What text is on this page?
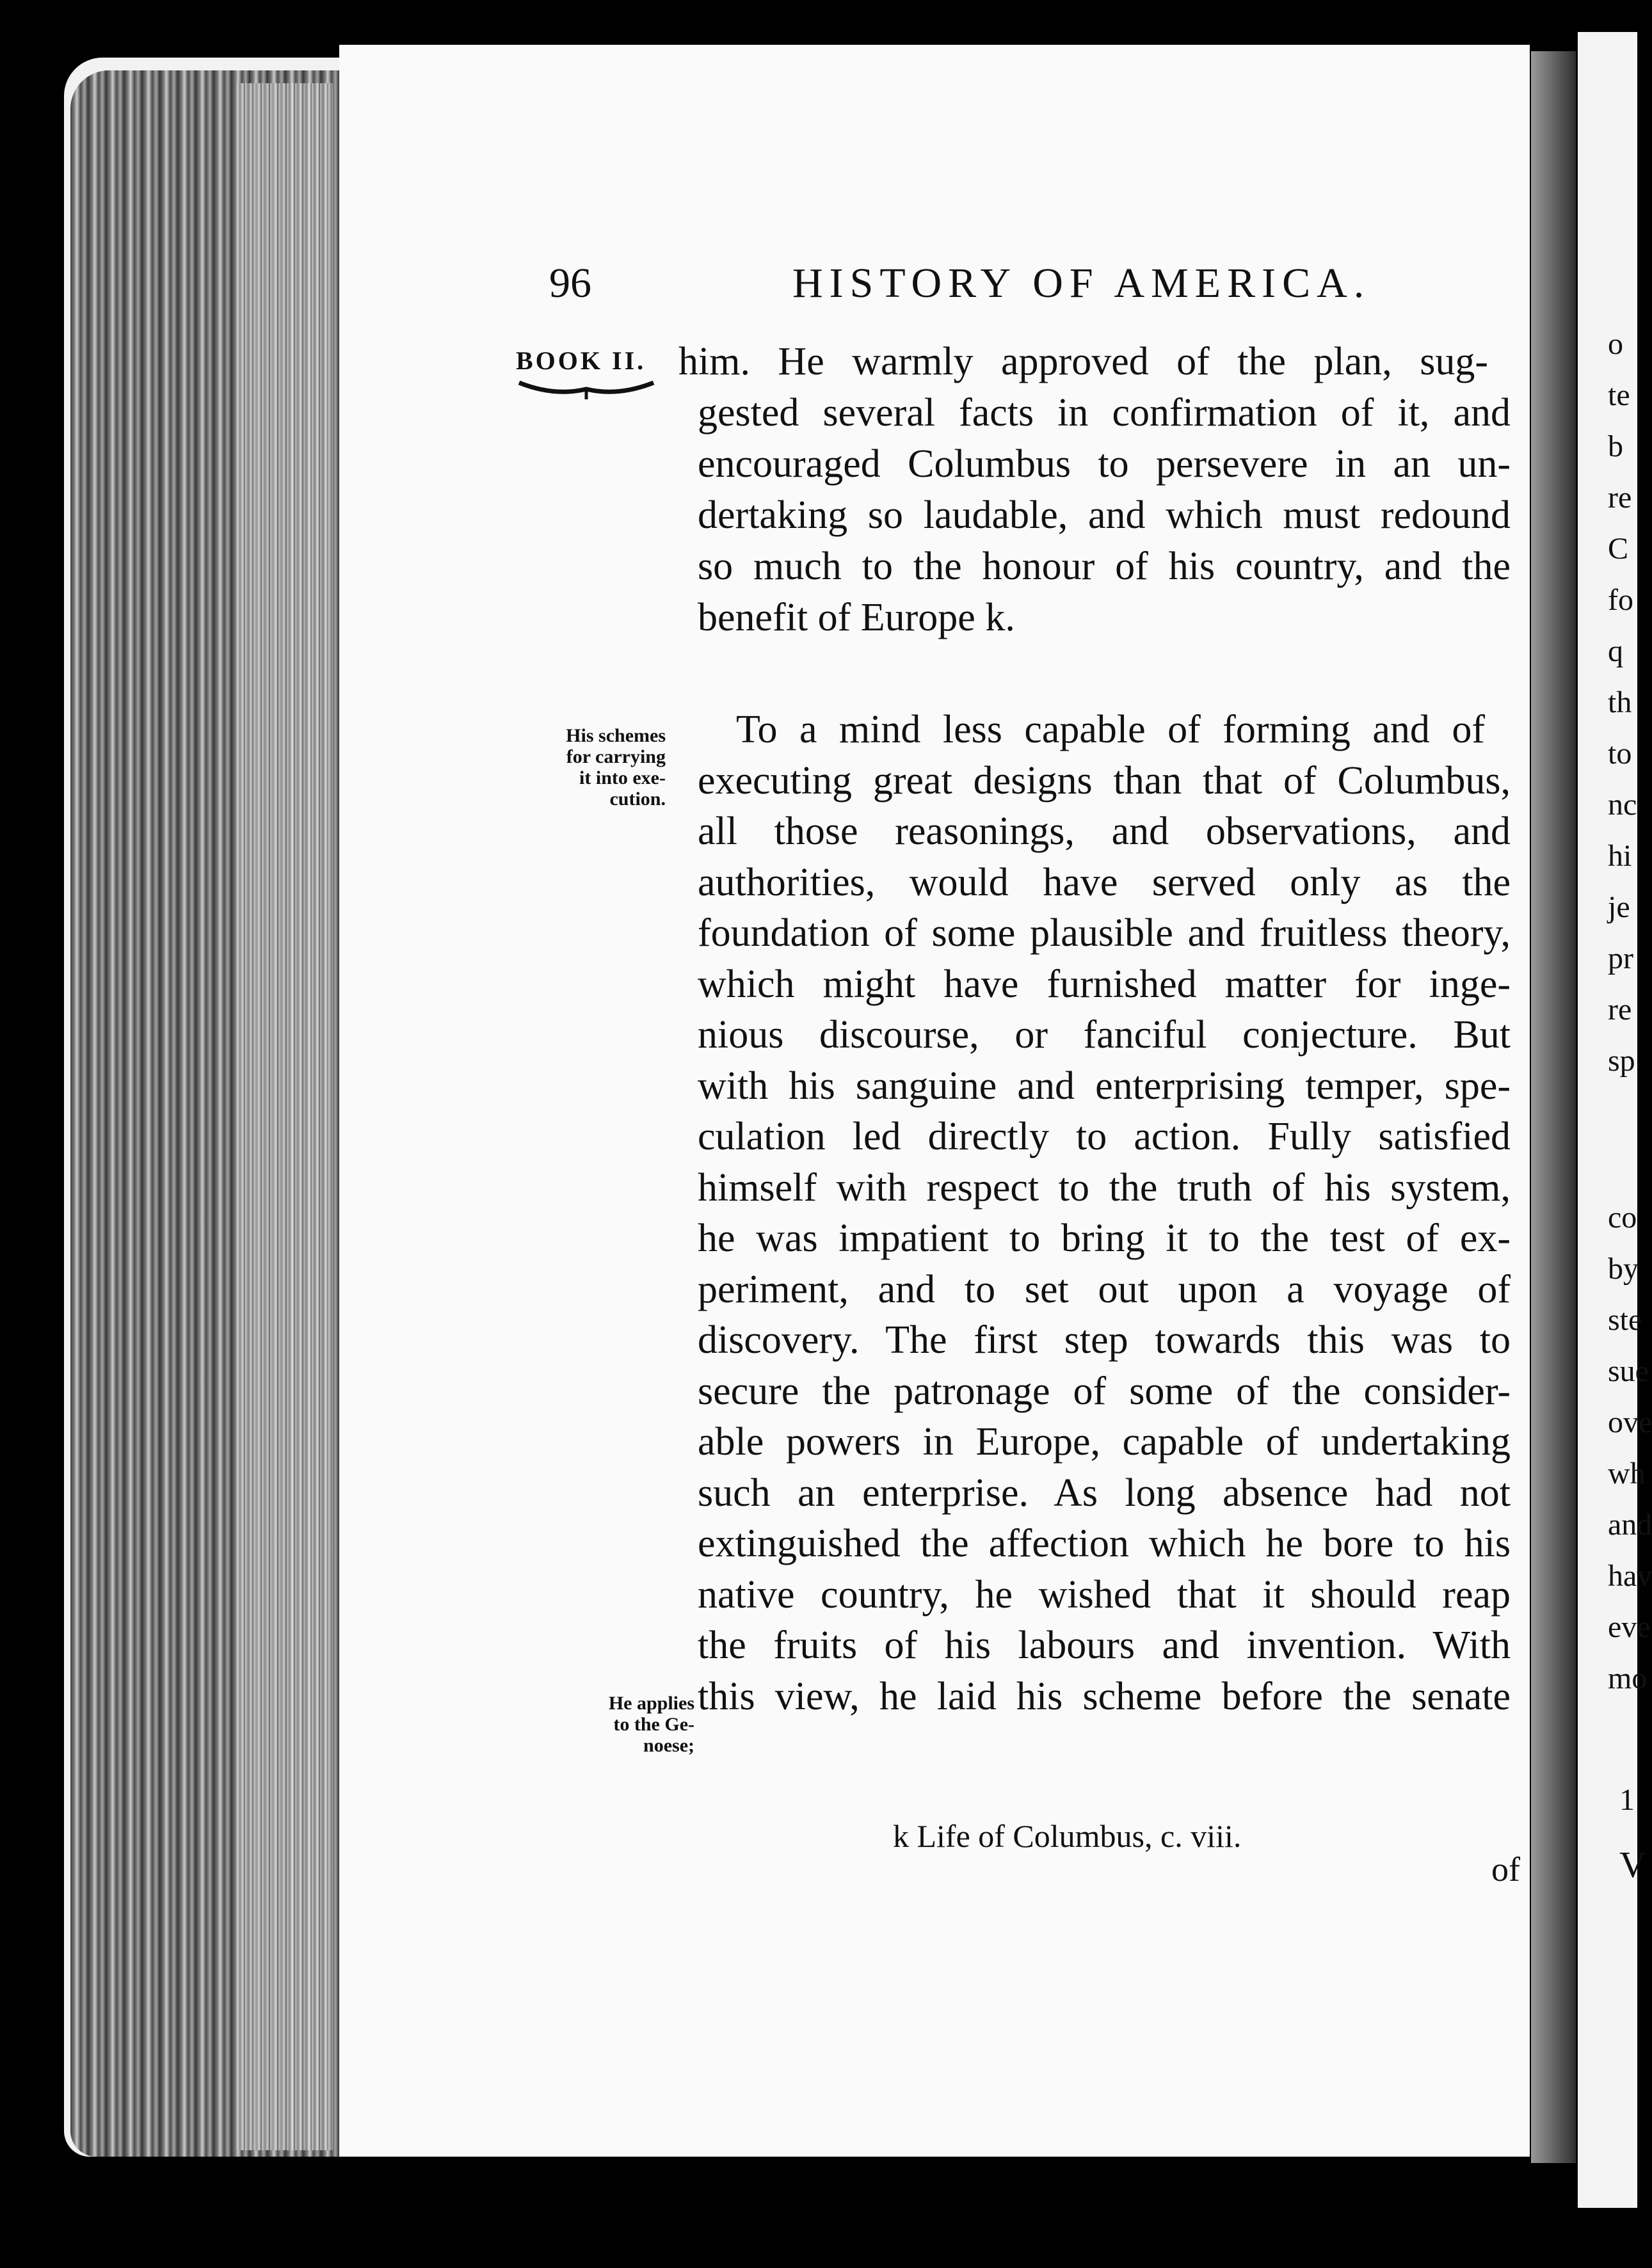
96	HISTORY OF AMERICA.
BOOK II.
His schemes
for carrying
it into exe-
cution.
He applies
to the Ge-
noese;
him. He warmly approved of the plan, sug-
gested several facts in confirmation of it, and
encouraged Columbus to persevere in an un-
dertaking so laudable, and which must redound
so much to the honour of his country, and the
benefit of Europe k.
To a mind less capable of forming and of
executing great designs than that of Columbus,
all those reasonings, and observations, and
authorities, would have served only as the
foundation of some plausible and fruitless theory,
which might have furnished matter for inge-
nious discourse, or fanciful conjecture. But
with his sanguine and enterprising temper, spe-
culation led directly to action. Fully satisfied
himself with respect to the truth of his system,
he was impatient to bring it to the test of ex-
periment, and to set out upon a voyage of
discovery. The first step towards this was to
secure the patronage of some of the consider-
able powers in Europe, capable of undertaking
such an enterprise. As long absence had not
extinguished the affection which he bore to his
native country, he wished that it should reap
the fruits of his labours and invention. With
this view, he laid his scheme before the senate
k Life of Columbus, c. viii.
of
o
te
b
re
C
fo
q
th
to
nc
hi
je
pr
re
sp
co
by
ste
sue
ove
wh
and
hav
eve
mo
1
V
